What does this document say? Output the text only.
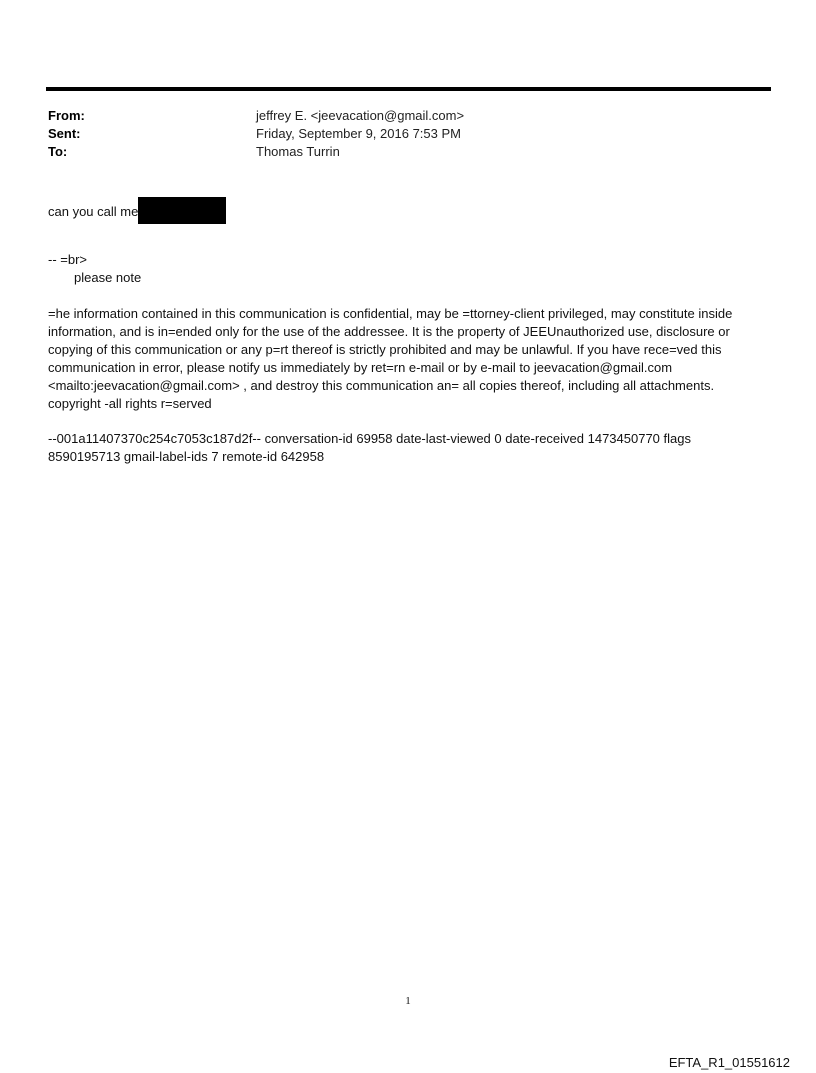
From:	jeffrey E. <jeevacation@gmail.com>
Sent:	Friday, September 9, 2016 7:53 PM
To:	Thomas Turrin
can you call me
-- =br>
please note
=he information contained in this communication is confidential, may be =ttorney-client privileged, may constitute inside information, and is in=ended only for the use of the addressee. It is the property of JEEUnauthorized use, disclosure or copying of this communication or any p=rt thereof is strictly prohibited and may be unlawful. If you have rece=ved this communication in error, please notify us immediately by ret=rn e-mail or by e-mail to jeevacation@gmail.com <mailto:jeevacation@gmail.com> , and destroy this communication an= all copies thereof, including all attachments. copyright -all rights r=served
--001a11407370c254c7053c187d2f-- conversation-id 69958 date-last-viewed 0 date-received 1473450770 flags 8590195713 gmail-label-ids 7 remote-id 642958
1
EFTA_R1_01551612
